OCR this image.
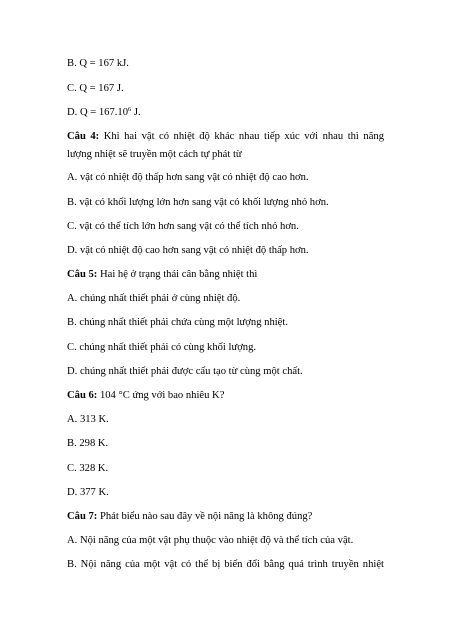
B. Q = 167 kJ.
C. Q = 167 J.
D. $Q = 167.10^6$ J.
Câu 4: Khi hai vật có nhiệt độ khác nhau tiếp xúc với nhau thì năng
lượng nhiệt sẽ truyền một cách tự phát từ
A. vật có nhiệt độ thấp hơn sang vật có nhiệt độ cao hơn.
B. vật có khối lượng lớn hơn sang vật có khối lượng nhỏ hơn.
C. vật có thể tích lớn hơn sang vật có thể tích nhỏ hơn.
D. vật có nhiệt độ cao hơn sang vật có nhiệt độ thấp hơn.
Câu 5: Hai hệ ở trạng thái cân bằng nhiệt thì
A. chúng nhất thiết phải ở cùng nhiệt độ.
B. chúng nhất thiết phải chứa cùng một lượng nhiệt.
C. chúng nhất thiết phải có cùng khối lượng.
D. chúng nhất thiết phải được cấu tạo từ cùng một chất.
Câu 6: 104 °C ứng với bao nhiêu K?
A. 313 K.
B. 298 K.
C. 328 K.
D. 377 K.
Câu 7: Phát biểu nào sau đây về nội năng là không đúng?
A. Nội năng của một vật phụ thuộc vào nhiệt độ và thể tích của vật.
B. Nội năng của một vật có thể bị biến đổi bằng quá trình truyền nhiệt
